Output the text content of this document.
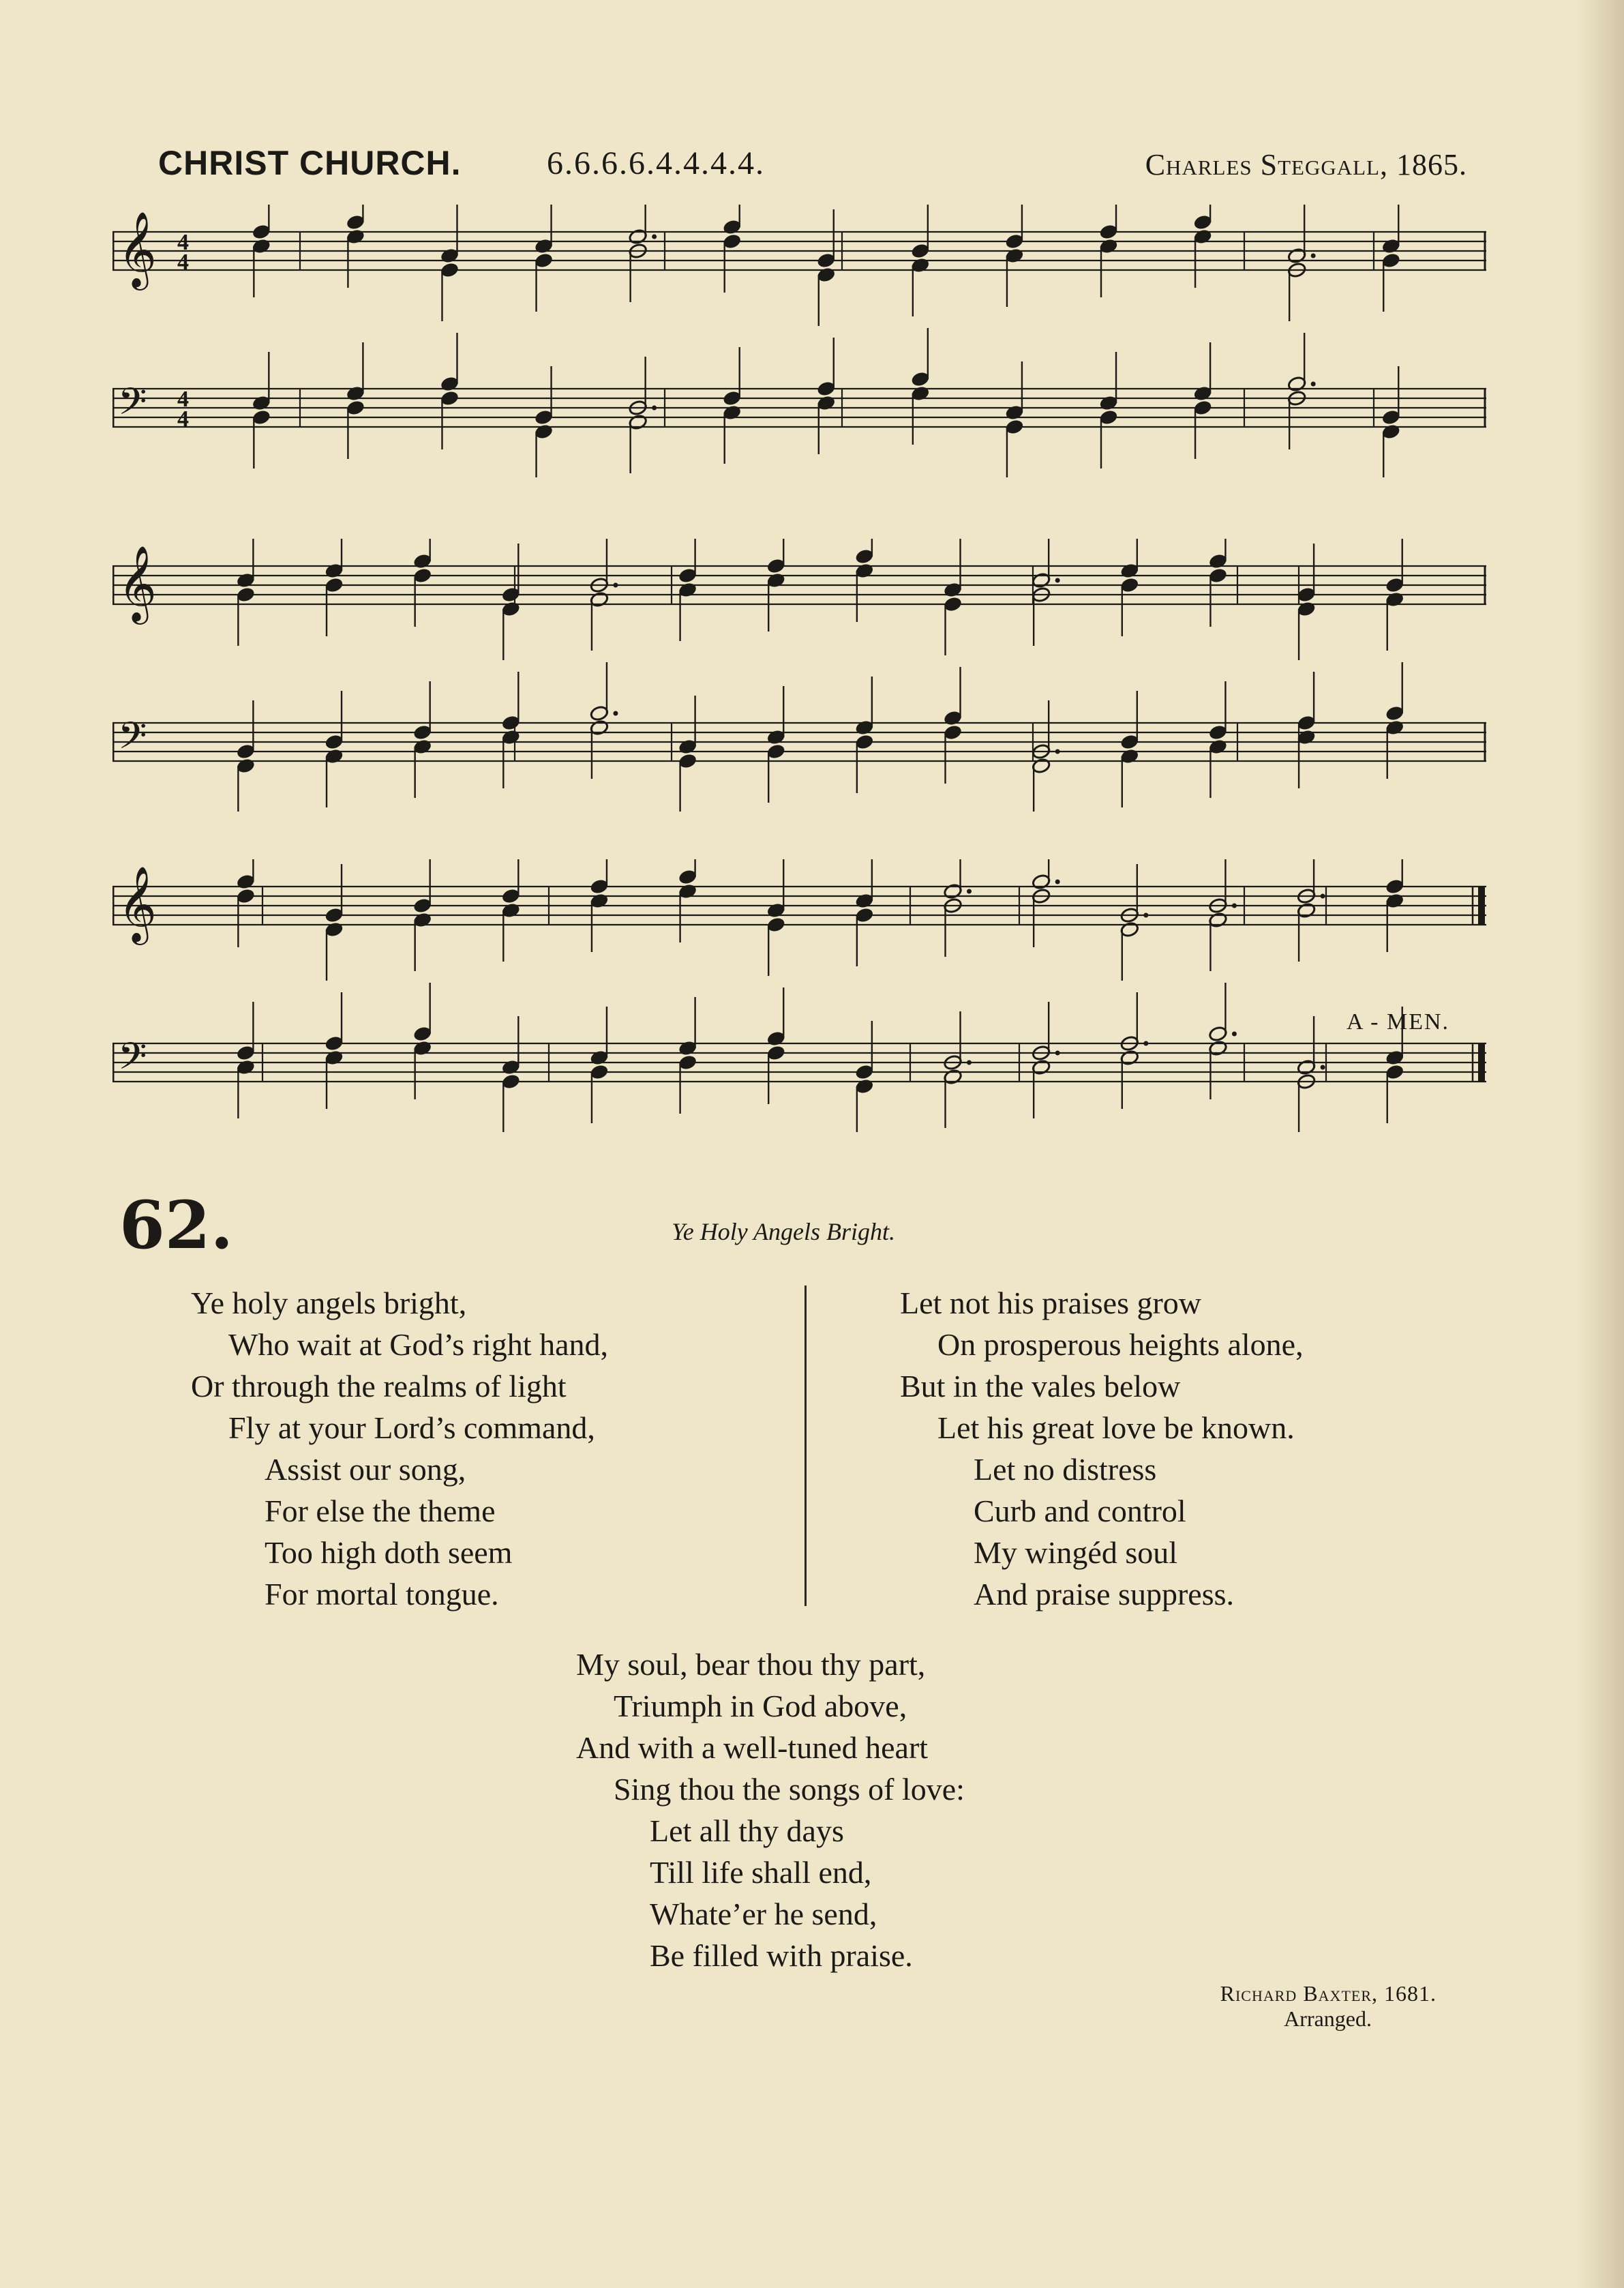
CHRIST CHURCH.	6.6.6.6.4.4.4.4.	Charles Steggall, 1865.
𝄞 4
4
𝄢 4
4
𝄞
𝄢
𝄞
𝄢
A - MEN.
62.	Ye Holy Angels Bright.
Ye holy angels bright,
Who wait at God’s right hand,
Or through the realms of light
Fly at your Lord’s command,
Assist our song,
For else the theme
Too high doth seem
For mortal tongue.
Let not his praises grow
On prosperous heights alone,
But in the vales below
Let his great love be known.
Let no distress
Curb and control
My wingéd soul
And praise suppress.
My soul, bear thou thy part,
Triumph in God above,
And with a well-tuned heart
Sing thou the songs of love:
Let all thy days
Till life shall end,
Whate’er he send,
Be filled with praise.
Richard Baxter, 1681.
Arranged.
